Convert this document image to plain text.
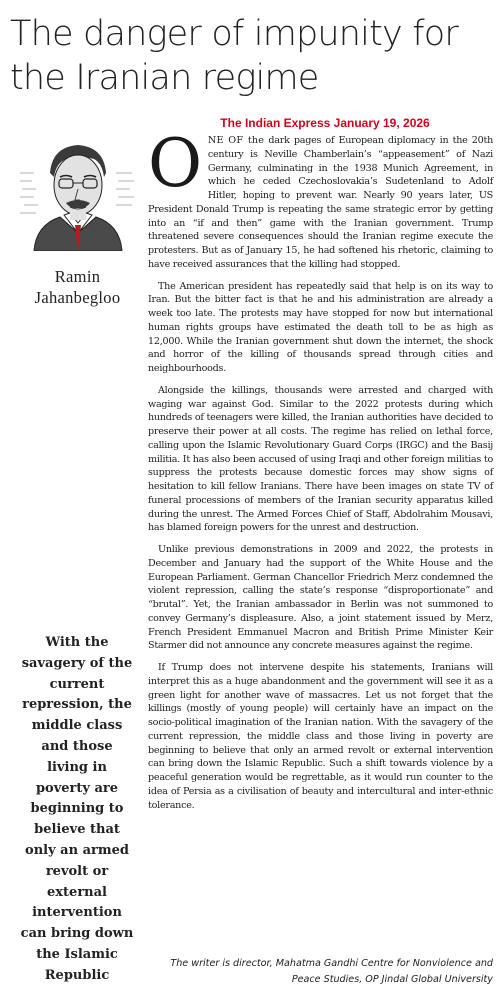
The danger of impunity for
the Iranian regime
The Indian Express January 19, 2026
Ramin
Jahanbegloo
With the
savagery of the
current
repression, the
middle class
and those
living in
poverty are
beginning to
believe that
only an armed
revolt or
external
intervention
can bring down
the Islamic
Republic

ONE OF the dark pages of European diplomacy in the 20th century is Neville Chamberlain’s “appeasement” of Nazi Germany, culminating in the 1938 Munich Agreement, in which he ceded Czechoslovakia’s Sudetenland to Adolf Hitler, hoping to prevent war. Nearly 90 years later, US President Donald Trump is repeating the same strategic error by getting into an “if and then” game with the Iranian government. Trump threatened severe consequences should the Iranian regime execute the protesters. But as of January 15, he had softened his rhetoric, claiming to have received assurances that the killing had stopped.

The American president has repeatedly said that help is on its way to Iran. But the bitter fact is that he and his administration are already a week too late. The protests may have stopped for now but international human rights groups have estimated the death toll to be as high as 12,000. While the Iranian government shut down the internet, the shock and horror of the killing of thousands spread through cities and neighbourhoods.

Alongside the killings, thousands were arrested and charged with waging war against God. Similar to the 2022 protests during which hundreds of teenagers were killed, the Iranian authorities have decided to preserve their power at all costs. The regime has relied on lethal force, calling upon the Islamic Revolutionary Guard Corps (IRGC) and the Basij militia. It has also been accused of using Iraqi and other foreign militias to suppress the protests because domestic forces may show signs of hesitation to kill fellow Iranians. There have been images on state TV of funeral processions of members of the Iranian security apparatus killed during the unrest. The Armed Forces Chief of Staff, Abdolrahim Mousavi, has blamed foreign powers for the unrest and destruction.

Unlike previous demonstrations in 2009 and 2022, the protests in December and January had the support of the White House and the European Parliament. German Chancellor Friedrich Merz condemned the violent repression, calling the state’s response “disproportionate” and “brutal”. Yet, the Iranian ambassador in Berlin was not summoned to convey Germany’s displeasure. Also, a joint statement issued by Merz, French President Emmanuel Macron and British Prime Minister Keir Starmer did not announce any concrete measures against the regime.

If Trump does not intervene despite his statements, Iranians will interpret this as a huge abandonment and the government will see it as a green light for another wave of massacres. Let us not forget that the killings (mostly of young people) will certainly have an impact on the socio-political imagination of the Iranian nation. With the savagery of the current repression, the middle class and those living in poverty are beginning to believe that only an armed revolt or external intervention can bring down the Islamic Republic. Such a shift towards violence by a peaceful generation would be regrettable, as it would run counter to the idea of Persia as a civilisation of beauty and intercultural and inter-ethnic tolerance.

The writer is director, Mahatma Gandhi Centre for Nonviolence and
Peace Studies, OP Jindal Global University
